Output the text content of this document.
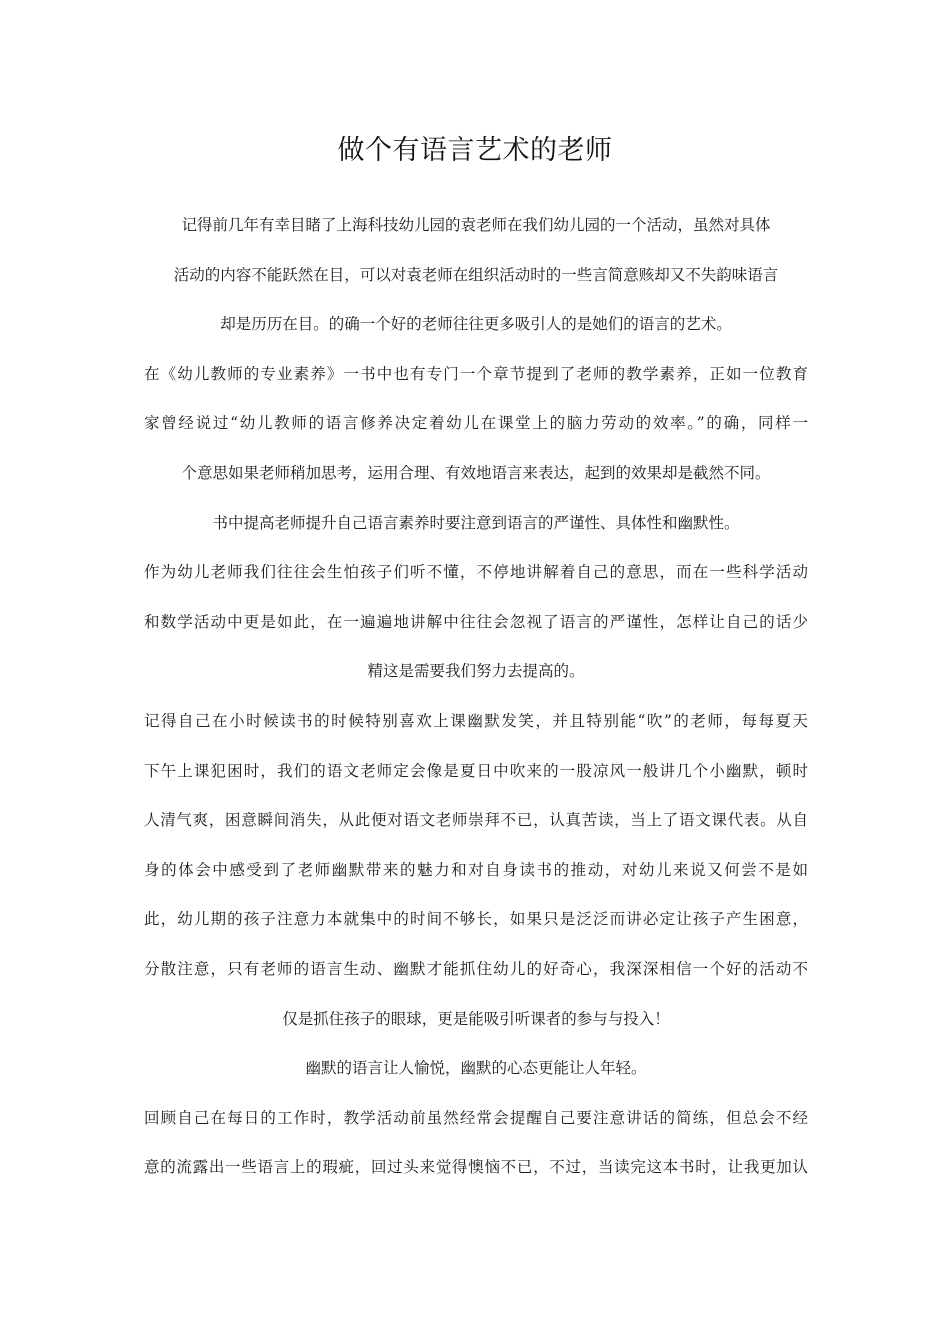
做个有语言艺术的老师
记得前几年有幸目睹了上海科技幼儿园的袁老师在我们幼儿园的一个活动，虽然对具体
活动的内容不能跃然在目，可以对袁老师在组织活动时的一些言简意赅却又不失韵味语言
却是历历在目。的确一个好的老师往往更多吸引人的是她们的语言的艺术。
在《幼儿教师的专业素养》一书中也有专门一个章节提到了老师的教学素养，正如一位教育
家曾经说过“幼儿教师的语言修养决定着幼儿在课堂上的脑力劳动的效率。”的确，同样一
个意思如果老师稍加思考，运用合理、有效地语言来表达，起到的效果却是截然不同。
书中提高老师提升自己语言素养时要注意到语言的严谨性、具体性和幽默性。
作为幼儿老师我们往往会生怕孩子们听不懂，不停地讲解着自己的意思，而在一些科学活动
和数学活动中更是如此，在一遍遍地讲解中往往会忽视了语言的严谨性，怎样让自己的话少
精这是需要我们努力去提高的。
记得自己在小时候读书的时候特别喜欢上课幽默发笑，并且特别能“吹”的老师，每每夏天
下午上课犯困时，我们的语文老师定会像是夏日中吹来的一股凉风一般讲几个小幽默，顿时
人清气爽，困意瞬间消失，从此便对语文老师崇拜不已，认真苦读，当上了语文课代表。从自
身的体会中感受到了老师幽默带来的魅力和对自身读书的推动，对幼儿来说又何尝不是如
此，幼儿期的孩子注意力本就集中的时间不够长，如果只是泛泛而讲必定让孩子产生困意，
分散注意，只有老师的语言生动、幽默才能抓住幼儿的好奇心，我深深相信一个好的活动不
仅是抓住孩子的眼球，更是能吸引听课者的参与与投入！
幽默的语言让人愉悦，幽默的心态更能让人年轻。
回顾自己在每日的工作时，教学活动前虽然经常会提醒自己要注意讲话的简练，但总会不经
意的流露出一些语言上的瑕疵，回过头来觉得懊恼不已，不过，当读完这本书时，让我更加认
